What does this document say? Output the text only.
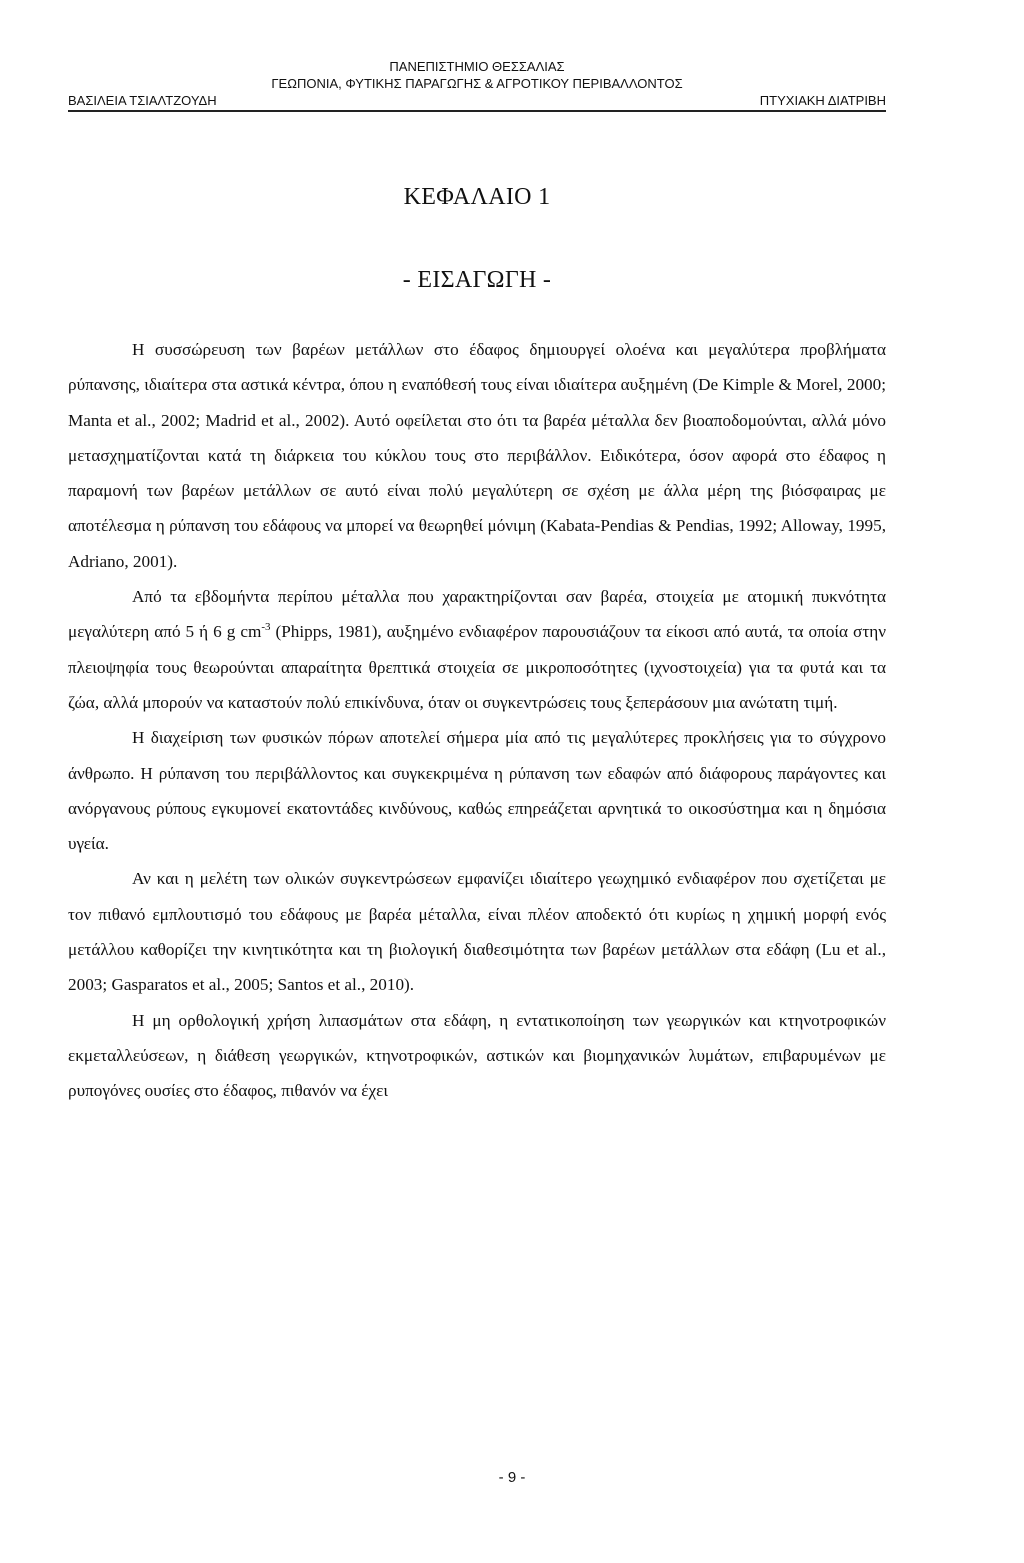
ΠΑΝΕΠΙΣΤΗΜΙΟ ΘΕΣΣΑΛΙΑΣ
ΓΕΩΠΟΝΙΑ, ΦΥΤΙΚΗΣ ΠΑΡΑΓΩΓΗΣ & ΑΓΡΟΤΙΚΟΥ ΠΕΡΙΒΑΛΛΟΝΤΟΣ
ΒΑΣΙΛΕΙΑ ΤΣΙΑΛΤΖΟΥΔΗ	ΠΤΥΧΙΑΚΗ ΔΙΑΤΡΙΒΗ
ΚΕΦΑΛΑΙΟ 1
- ΕΙΣΑΓΩΓΗ -

Η συσσώρευση των βαρέων μετάλλων στο έδαφος δημιουργεί ολοένα και μεγαλύτερα προβλήματα ρύπανσης, ιδιαίτερα στα αστικά κέντρα, όπου η εναπόθεσή τους είναι ιδιαίτερα αυξημένη (De Kimple & Morel, 2000; Manta et al., 2002; Madrid et al., 2002). Αυτό οφείλεται στο ότι τα βαρέα μέταλλα δεν βιοαποδομούνται, αλλά μόνο μετασχηματίζονται κατά τη διάρκεια του κύκλου τους στο περιβάλλον. Ειδικότερα, όσον αφορά στο έδαφος η παραμονή των βαρέων μετάλλων σε αυτό είναι πολύ μεγαλύτερη σε σχέση με άλλα μέρη της βιόσφαιρας με αποτέλεσμα η ρύπανση του εδάφους να μπορεί να θεωρηθεί μόνιμη (Kabata-Pendias & Pendias, 1992; Alloway, 1995, Adriano, 2001).

Από τα εβδομήντα περίπου μέταλλα που χαρακτηρίζονται σαν βαρέα, στοιχεία με ατομική πυκνότητα μεγαλύτερη από 5 ή 6 g $cm^{-3}$ (Phipps, 1981), αυξημένο ενδιαφέρον παρουσιάζουν τα είκοσι από αυτά, τα οποία στην πλειοψηφία τους θεωρούνται απαραίτητα θρεπτικά στοιχεία σε μικροποσότητες (ιχνοστοιχεία) για τα φυτά και τα ζώα, αλλά μπορούν να καταστούν πολύ επικίνδυνα, όταν οι συγκεντρώσεις τους ξεπεράσουν μια ανώτατη τιμή.

Η διαχείριση των φυσικών πόρων αποτελεί σήμερα μία από τις μεγαλύτερες προκλήσεις για το σύγχρονο άνθρωπο. Η ρύπανση του περιβάλλοντος και συγκεκριμένα η ρύπανση των εδαφών από διάφορους παράγοντες και ανόργανους ρύπους εγκυμονεί εκατοντάδες κινδύνους, καθώς επηρεάζεται αρνητικά το οικοσύστημα και η δημόσια υγεία.

Αν και η μελέτη των ολικών συγκεντρώσεων εμφανίζει ιδιαίτερο γεωχημικό ενδιαφέρον που σχετίζεται με τον πιθανό εμπλουτισμό του εδάφους με βαρέα μέταλλα, είναι πλέον αποδεκτό ότι κυρίως η χημική μορφή ενός μετάλλου καθορίζει την κινητικότητα και τη βιολογική διαθεσιμότητα των βαρέων μετάλλων στα εδάφη (Lu et al., 2003; Gasparatos et al., 2005; Santos et al., 2010).

Η μη ορθολογική χρήση λιπασμάτων στα εδάφη, η εντατικοποίηση των γεωργικών και κτηνοτροφικών εκμεταλλεύσεων, η διάθεση γεωργικών, κτηνοτροφικών, αστικών και βιομηχανικών λυμάτων, επιβαρυμένων με ρυπογόνες ουσίες στο έδαφος, πιθανόν να έχει

- 9 -
